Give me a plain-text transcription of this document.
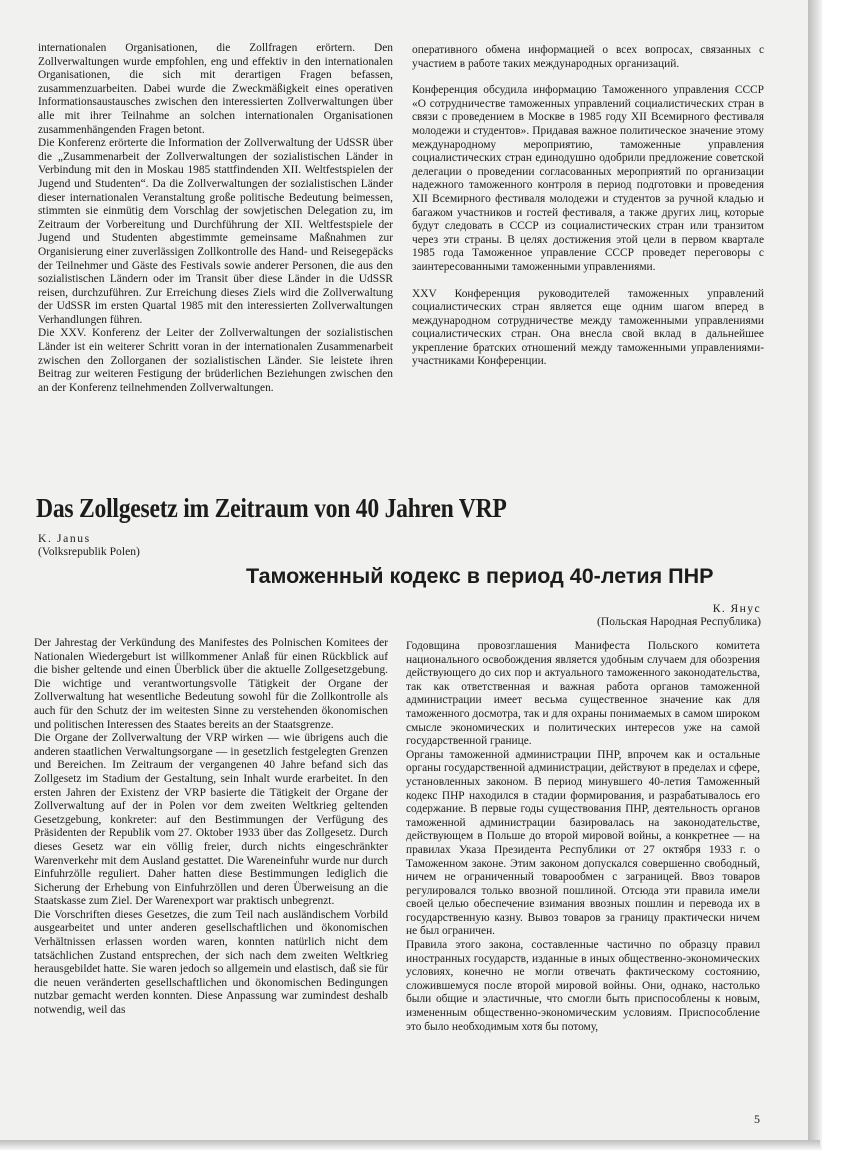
internationalen Organisationen, die Zollfragen erörtern. Den Zollverwaltungen wurde empfohlen, eng und effektiv in den internationalen Organisationen, die sich mit derartigen Fragen befassen, zusammenzuarbeiten. Dabei wurde die Zweckmäßigkeit eines operativen Informationsaustausches zwischen den interessierten Zollverwaltungen über alle mit ihrer Teilnahme an solchen internationalen Organisationen zusammenhängenden Fragen betont.

Die Konferenz erörterte die Information der Zollverwaltung der UdSSR über die „Zusammenarbeit der Zollverwaltungen der sozialistischen Länder in Verbindung mit den in Moskau 1985 stattfindenden XII. Weltfestspielen der Jugend und Studenten“. Da die Zollverwaltungen der sozialistischen Länder dieser internationalen Veranstaltung große politische Bedeutung beimessen, stimmten sie einmütig dem Vorschlag der sowjetischen Delegation zu, im Zeitraum der Vorbereitung und Durchführung der XII. Weltfestspiele der Jugend und Studenten abgestimmte gemeinsame Maßnahmen zur Organisierung einer zuverlässigen Zollkontrolle des Hand- und Reisegepäcks der Teilnehmer und Gäste des Festivals sowie anderer Personen, die aus den sozialistischen Ländern oder im Transit über diese Länder in die UdSSR reisen, durchzuführen. Zur Erreichung dieses Ziels wird die Zollverwaltung der UdSSR im ersten Quartal 1985 mit den interessierten Zollverwaltungen Verhandlungen führen.

Die XXV. Konferenz der Leiter der Zollverwaltungen der sozialistischen Länder ist ein weiterer Schritt voran in der internationalen Zusammenarbeit zwischen den Zollorganen der sozialistischen Länder. Sie leistete ihren Beitrag zur weiteren Festigung der brüderlichen Beziehungen zwischen den an der Konferenz teilnehmenden Zollverwaltungen.

оперативного обмена информацией о всех вопросах, связанных с участием в работе таких международных организаций.

Конференция обсудила информацию Таможенного управления СССР «О сотрудничестве таможенных управлений социалистических стран в связи с проведением в Москве в 1985 году XII Всемирного фестиваля молодежи и студентов». Придавая важное политическое значение этому международному мероприятию, таможенные управления социалистических стран единодушно одобрили предложение советской делегации о проведении согласованных мероприятий по организации надежного таможенного контроля в период подготовки и проведения XII Всемирного фестиваля молодежи и студентов за ручной кладью и багажом участников и гостей фестиваля, а также других лиц, которые будут следовать в СССР из социалистических стран или транзитом через эти страны. В целях достижения этой цели в первом квартале 1985 года Таможенное управление СССР проведет переговоры с заинтересованными таможенными управлениями.

XXV Конференция руководителей таможенных управлений социалистических стран является еще одним шагом вперед в международном сотрудничестве между таможенными управлениями социалистических стран. Она внесла свой вклад в дальнейшее укрепление братских отношений между таможенными управлениями-участниками Конференции.

Das Zollgesetz im Zeitraum von 40 Jahren VRP
K. Janus
(Volksrepublik Polen)
Таможенный кодекс в период 40-летия ПНР
К. Янус
(Польская Народная Республика)

Der Jahrestag der Verkündung des Manifestes des Polnischen Komitees der Nationalen Wiedergeburt ist willkommener Anlaß für einen Rückblick auf die bisher geltende und einen Überblick über die aktuelle Zollgesetzgebung. Die wichtige und verantwortungsvolle Tätigkeit der Organe der Zollverwaltung hat wesentliche Bedeutung sowohl für die Zollkontrolle als auch für den Schutz der im weitesten Sinne zu verstehenden ökonomischen und politischen Interessen des Staates bereits an der Staatsgrenze.

Die Organe der Zollverwaltung der VRP wirken — wie übrigens auch die anderen staatlichen Verwaltungsorgane — in gesetzlich festgelegten Grenzen und Bereichen. Im Zeitraum der vergangenen 40 Jahre befand sich das Zollgesetz im Stadium der Gestaltung, sein Inhalt wurde erarbeitet. In den ersten Jahren der Existenz der VRP basierte die Tätigkeit der Organe der Zollverwaltung auf der in Polen vor dem zweiten Weltkrieg geltenden Gesetzgebung, konkreter: auf den Bestimmungen der Verfügung des Präsidenten der Republik vom 27. Oktober 1933 über das Zollgesetz. Durch dieses Gesetz war ein völlig freier, durch nichts eingeschränkter Warenverkehr mit dem Ausland gestattet. Die Wareneinfuhr wurde nur durch Einfuhrzölle reguliert. Daher hatten diese Bestimmungen lediglich die Sicherung der Erhebung von Einfuhrzöllen und deren Überweisung an die Staatskasse zum Ziel. Der Warenexport war praktisch unbegrenzt.

Die Vorschriften dieses Gesetzes, die zum Teil nach ausländischem Vorbild ausgearbeitet und unter anderen gesellschaftlichen und ökonomischen Verhältnissen erlassen worden waren, konnten natürlich nicht dem tatsächlichen Zustand entsprechen, der sich nach dem zweiten Weltkrieg herausgebildet hatte. Sie waren jedoch so allgemein und elastisch, daß sie für die neuen veränderten gesellschaftlichen und ökonomischen Bedingungen nutzbar gemacht werden konnten. Diese Anpassung war zumindest deshalb notwendig, weil das

Годовщина провозглашения Манифеста Польского комитета национального освобождения является удобным случаем для обозрения действующего до сих пор и актуального таможенного законодательства, так как ответственная и важная работа органов таможенной администрации имеет весьма существенное значение как для таможенного досмотра, так и для охраны понимаемых в самом широком смысле экономических и политических интересов уже на самой государственной границе.

Органы таможенной администрации ПНР, впрочем как и остальные органы государственной администрации, действуют в пределах и сфере, установленных законом. В период минувшего 40-летия Таможенный кодекс ПНР находился в стадии формирования, и разрабатывалось его содержание. В первые годы существования ПНР, деятельность органов таможенной администрации базировалась на законодательстве, действующем в Польше до второй мировой войны, а конкретнее — на правилах Указа Президента Республики от 27 октября 1933 г. о Таможенном законе. Этим законом допускался совершенно свободный, ничем не ограниченный товарообмен с заграницей. Ввоз товаров регулировался только ввозной пошлиной. Отсюда эти правила имели своей целью обеспечение взимания ввозных пошлин и перевода их в государственную казну. Вывоз товаров за границу практически ничем не был ограничен.

Правила этого закона, составленные частично по образцу правил иностранных государств, изданные в иных общественно-экономических условиях, конечно не могли отвечать фактическому состоянию, сложившемуся после второй мировой войны. Они, однако, настолько были общие и эластичные, что смогли быть приспособлены к новым, измененным общественно-экономическим условиям. Приспособление это было необходимым хотя бы потому,

5
